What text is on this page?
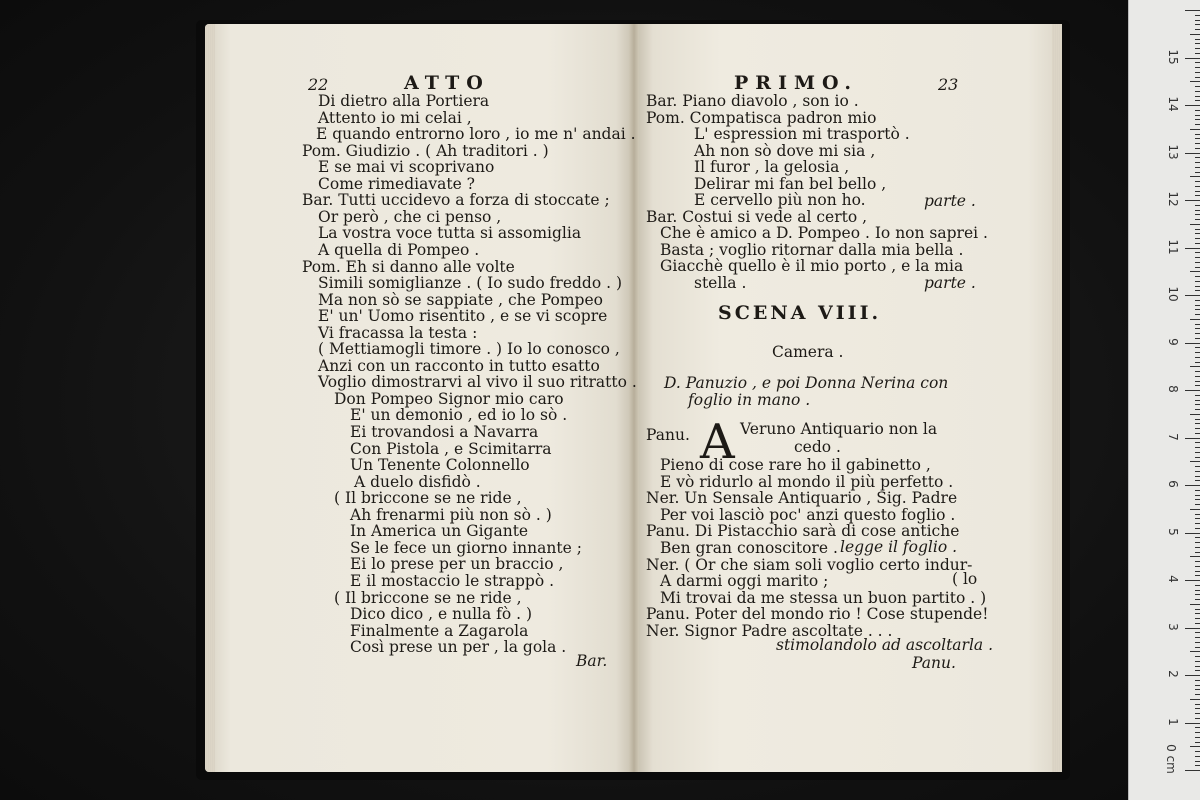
0 cm
22	ATTO
Di dietro alla Portiera
Attento io mi celai ,
E quando entrorno loro , io me n' andai .
Pom. Giudizio . ( Ah traditori . )
E se mai vi scoprivano
Come rimediavate ?
Bar. Tutti uccidevo a forza di stoccate ;
Or però , che ci penso ,
La vostra voce tutta si assomiglia
A quella di Pompeo .
Pom. Eh si danno alle volte
Simili somiglianze . ( Io sudo freddo . )
Ma non sò se sappiate , che Pompeo
E' un' Uomo risentito , e se vi scopre
Vi fracassa la testa :
( Mettiamogli timore . ) Io lo conosco ,
Anzi con un racconto in tutto esatto
Voglio dimostrarvi al vivo il suo ritratto .
Don Pompeo Signor mio caro
E' un demonio , ed io lo sò .
Ei trovandosi a Navarra
Con Pistola , e Scimitarra
Un Tenente Colonnello
A duelo disfidò .
( Il briccone se ne ride ,
Ah frenarmi più non sò . )
In America un Gigante
Se le fece un giorno innante ;
Ei lo prese per un braccio ,
E il mostaccio le strappò .
( Il briccone se ne ride ,
Dico dico , e nulla fò . )
Finalmente a Zagarola
Così prese un per , la gola .
Bar.
PRIMO.	23
Bar. Piano diavolo , son io .
Pom. Compatisca padron mio
L' espression mi trasportò .
Ah non sò dove mi sia ,
Il furor , la gelosia ,
Delirar mi fan bel bello ,
E cervello più non ho.
Bar. Costui si vede al certo ,
Che è amico a D. Pompeo . Io non saprei .
Basta ; voglio ritornar dalla mia bella .
Giacchè quello è il mio porto , e la mia
stella .
parte .
parte .
SCENA VIII.
Camera .
D. Panuzio , e poi Donna Nerina con
foglio in mano .
Panu. A Veruno Antiquario non la
cedo .
Pieno di cose rare ho il gabinetto ,
E vò ridurlo al mondo il più perfetto .
Ner. Un Sensale Antiquario , Sig. Padre
Per voi lasciò poc' anzi questo foglio .
Panu. Di Pistacchio sarà di cose antiche
Ben gran conoscitore .
Ner. ( Or che siam soli voglio certo indur-
A darmi oggi marito ;
Mi trovai da me stessa un buon partito . )
Panu. Poter del mondo rio ! Cose stupende!
Ner. Signor Padre ascoltate . . .
legge il foglio .
( lo
stimolandolo ad ascoltarla .
Panu.
1
2
3
4
5
6
7
8
9
10
11
12
13
14
15
